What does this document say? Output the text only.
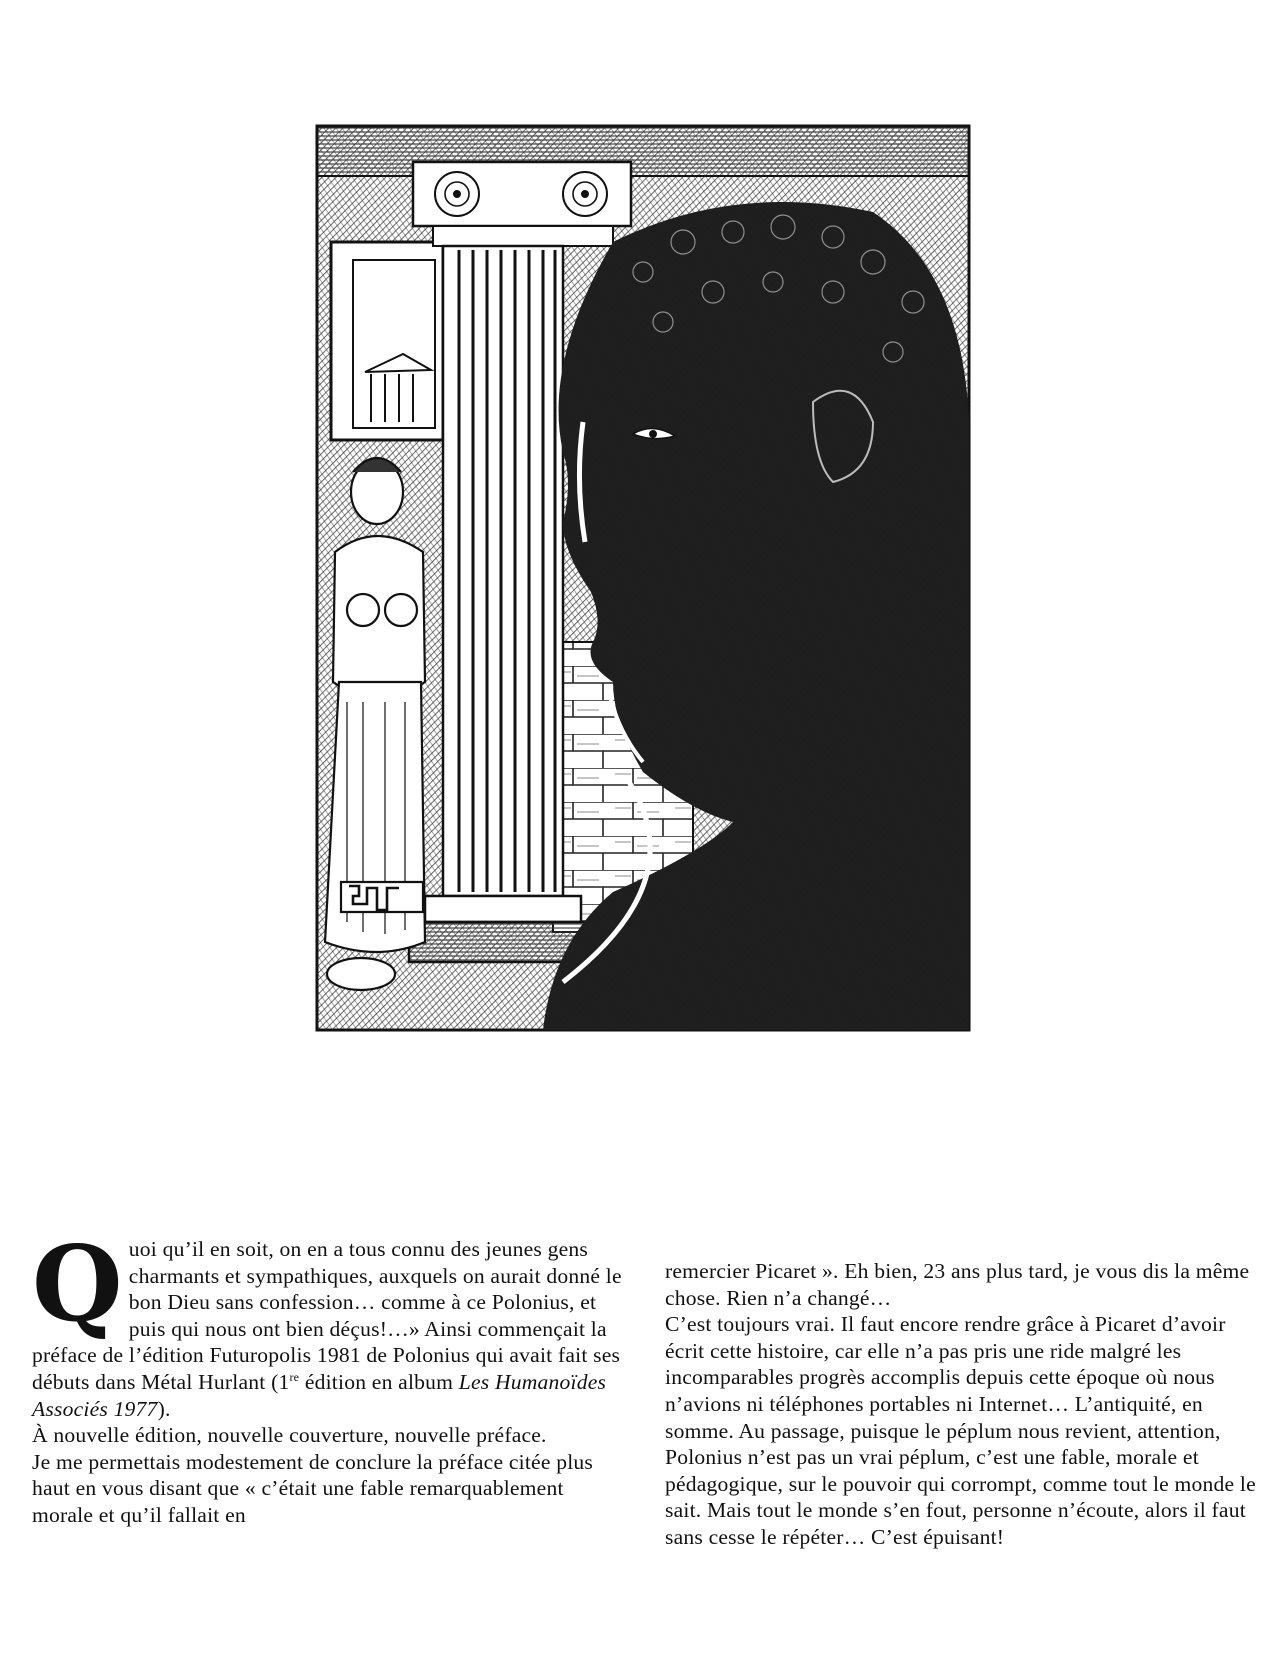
Quoi qu’il en soit, on en a tous connu des jeunes gens charmants et sympathiques, auxquels on aurait donné le bon Dieu sans confession… comme à ce Polonius, et puis qui nous ont bien déçus!…» Ainsi commençait la préface de l’édition Futuropolis 1981 de Polonius qui avait fait ses débuts dans Métal Hurlant (1re édition en album Les Humanoïdes Associés 1977).

À nouvelle édition, nouvelle couverture, nouvelle préface.

Je me permettais modestement de conclure la préface citée plus haut en vous disant que « c’était une fable remarquablement morale et qu’il fallait en

remercier Picaret ». Eh bien, 23 ans plus tard, je vous dis la même chose. Rien n’a changé…

C’est toujours vrai. Il faut encore rendre grâce à Picaret d’avoir écrit cette histoire, car elle n’a pas pris une ride malgré les incomparables progrès accomplis depuis cette époque où nous n’avions ni téléphones portables ni Internet… L’antiquité, en somme. Au passage, puisque le péplum nous revient, attention, Polonius n’est pas un vrai péplum, c’est une fable, morale et pédagogique, sur le pouvoir qui corrompt, comme tout le monde le sait. Mais tout le monde s’en fout, personne n’écoute, alors il faut sans cesse le répéter… C’est épuisant!
